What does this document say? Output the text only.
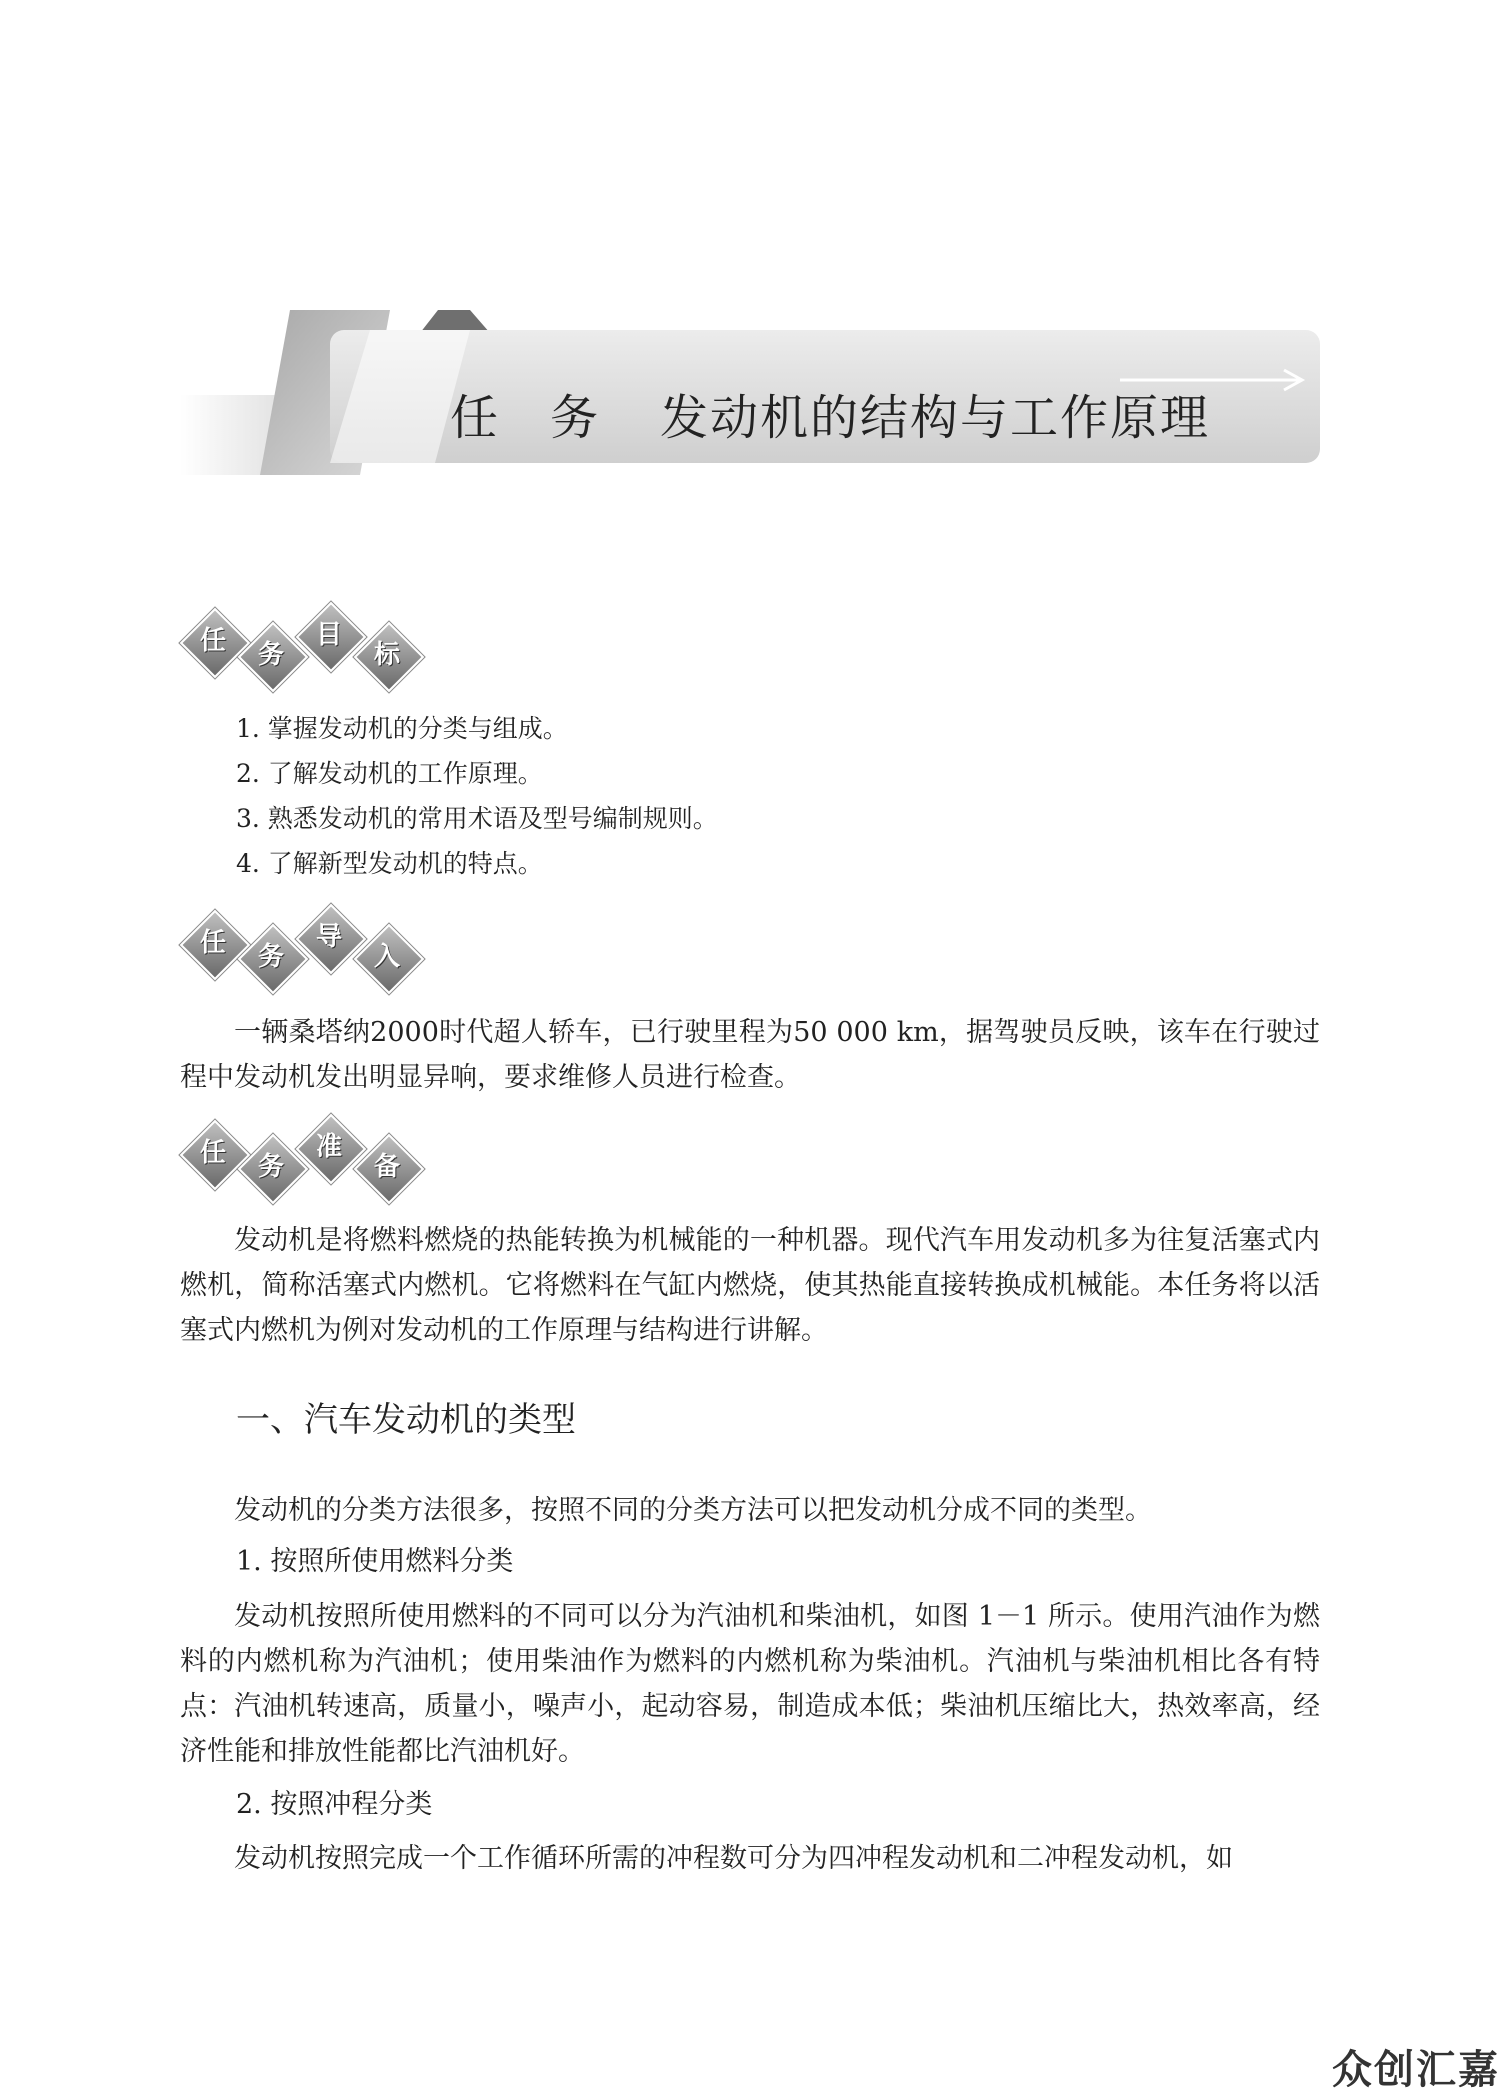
任 务 发动机的结构与工作原理
任	务
目
标
1. 掌握发动机的分类与组成。
2. 了解发动机的工作原理。
3. 熟悉发动机的常用术语及型号编制规则。
4. 了解新型发动机的特点。
任	务
导
入

一辆桑塔纳2000时代超人轿车，已行驶里程为50 000 km，据驾驶员反映，该车在行驶过程中发动机发出明显异响，要求维修人员进行检查。

任	务
准
备

发动机是将燃料燃烧的热能转换为机械能的一种机器。现代汽车用发动机多为往复活塞式内燃机，简称活塞式内燃机。它将燃料在气缸内燃烧，使其热能直接转换成机械能。本任务将以活塞式内燃机为例对发动机的工作原理与结构进行讲解。

一、汽车发动机的类型

发动机的分类方法很多，按照不同的分类方法可以把发动机分成不同的类型。

1. 按照所使用燃料分类

发动机按照所使用燃料的不同可以分为汽油机和柴油机，如图 1－1 所示。使用汽油作为燃料的内燃机称为汽油机；使用柴油作为燃料的内燃机称为柴油机。汽油机与柴油机相比各有特点：汽油机转速高，质量小，噪声小，起动容易，制造成本低；柴油机压缩比大，热效率高，经济性能和排放性能都比汽油机好。

2. 按照冲程分类

发动机按照完成一个工作循环所需的冲程数可分为四冲程发动机和二冲程发动机，如

众创汇嘉
